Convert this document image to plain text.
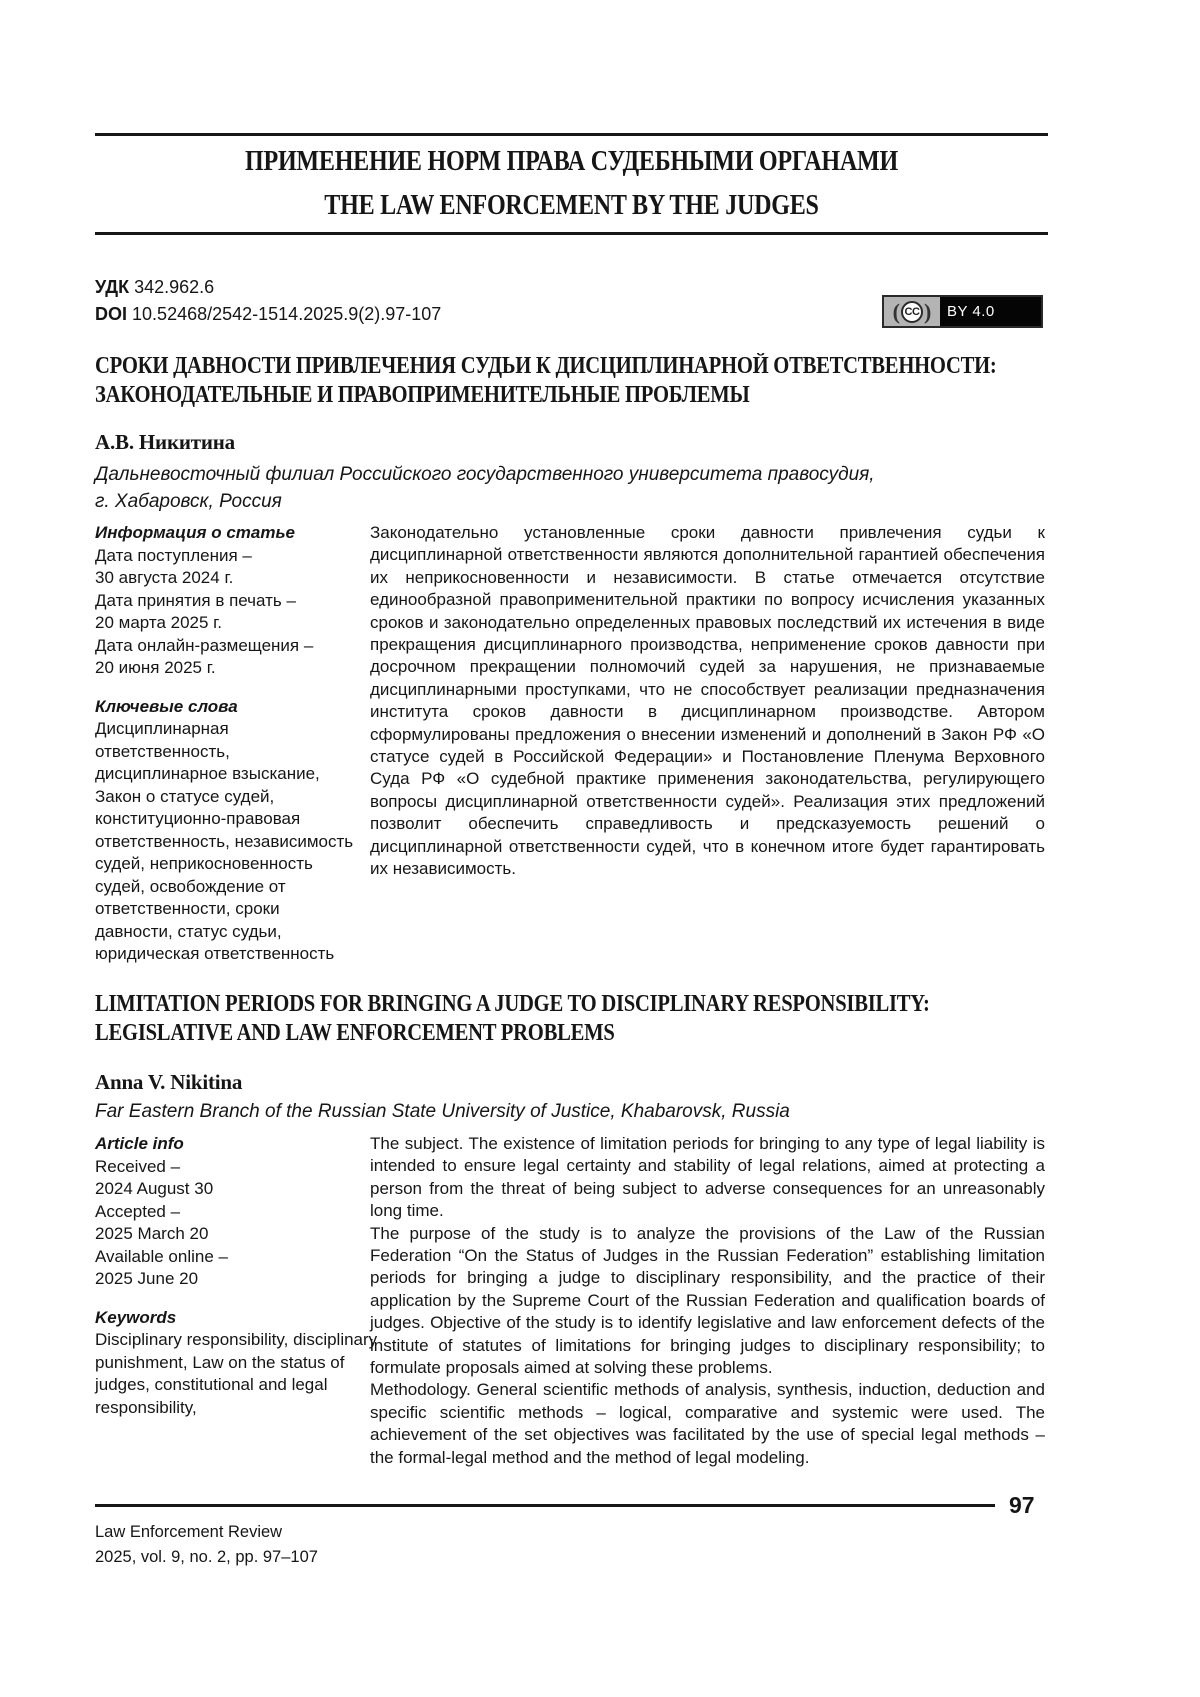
ПРИМЕНЕНИЕ НОРМ ПРАВА СУДЕБНЫМИ ОРГАНАМИ
THE LAW ENFORCEMENT BY THE JUDGES
УДК 342.962.6
DOI 10.52468/2542-1514.2025.9(2).97-107	( CC )	BY 4.0
СРОКИ ДАВНОСТИ ПРИВЛЕЧЕНИЯ СУДЬИ К ДИСЦИПЛИНАРНОЙ ОТВЕТСТВЕННОСТИ:
ЗАКОНОДАТЕЛЬНЫЕ И ПРАВОПРИМЕНИТЕЛЬНЫЕ ПРОБЛЕМЫ
А.В. Никитина
Дальневосточный филиал Российского государственного университета правосудия,
г. Хабаровск, Россия
Информация о статье
Дата поступления –
30 августа 2024 г.
Дата принятия в печать –
20 марта 2025 г.
Дата онлайн-размещения –
20 июня 2025 г.
Ключевые слова
Дисциплинарная ответственность, дисциплинарное взыскание, Закон о статусе судей, конституционно-правовая ответственность, независимость судей, неприкосновенность судей, освобождение от ответственности, сроки давности, статус судьи, юридическая ответственность

Законодательно установленные сроки давности привлечения судьи к дисциплинарной ответственности являются дополнительной гарантией обеспечения их неприкосновенности и независимости. В статье отмечается отсутствие единообразной правоприменительной практики по вопросу исчисления указанных сроков и законодательно определенных правовых последствий их истечения в виде прекращения дисциплинарного производства, неприменение сроков давности при досрочном прекращении полномочий судей за нарушения, не признаваемые дисциплинарными проступками, что не способствует реализации предназначения института сроков давности в дисциплинарном производстве. Автором сформулированы предложения о внесении изменений и дополнений в Закон РФ «О статусе судей в Российской Федерации» и Постановление Пленума Верховного Суда РФ «О судебной практике применения законодательства, регулирующего вопросы дисциплинарной ответственности судей». Реализация этих предложений позволит обеспечить справедливость и предсказуемость решений о дисциплинарной ответственности судей, что в конечном итоге будет гарантировать их независимость.

LIMITATION PERIODS FOR BRINGING A JUDGE TO DISCIPLINARY RESPONSIBILITY:
LEGISLATIVE AND LAW ENFORCEMENT PROBLEMS
Anna V. Nikitina
Far Eastern Branch of the Russian State University of Justice, Khabarovsk, Russia
Article info
Received –
2024 August 30
Accepted –
2025 March 20
Available online –
2025 June 20
Keywords
Disciplinary responsibility, disciplinary punishment, Law on the status of judges, constitutional and legal responsibility,

The subject. The existence of limitation periods for bringing to any type of legal liability is intended to ensure legal certainty and stability of legal relations, aimed at protecting a person from the threat of being subject to adverse consequences for an unreasonably long time.

The purpose of the study is to analyze the provisions of the Law of the Russian Federation “On the Status of Judges in the Russian Federation” establishing limitation periods for bringing a judge to disciplinary responsibility, and the practice of their application by the Supreme Court of the Russian Federation and qualification boards of judges. Objective of the study is to identify legislative and law enforcement defects of the institute of statutes of limitations for bringing judges to disciplinary responsibility; to formulate proposals aimed at solving these problems.

Methodology. General scientific methods of analysis, synthesis, induction, deduction and specific scientific methods – logical, comparative and systemic were used. The achievement of the set objectives was facilitated by the use of special legal methods – the formal-legal method and the method of legal modeling.

97
Law Enforcement Review
2025, vol. 9, no. 2, pp. 97–107
